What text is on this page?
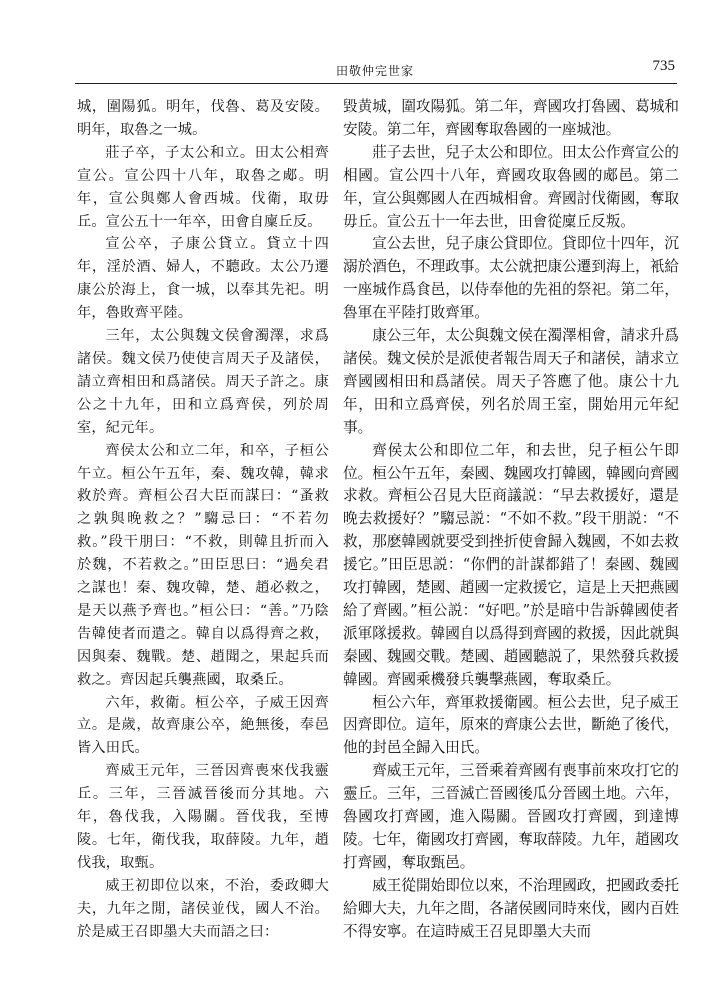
田敬仲完世家	735

城，圍陽狐。明年，伐魯、葛及安陵。明年，取魯之一城。

莊子卒，子太公和立。田太公相齊宣公。宣公四十八年，取魯之郕。明年，宣公與鄭人會西城。伐衛，取毋丘。宣公五十一年卒，田會自廩丘反。

宣公卒，子康公貸立。貸立十四年，淫於酒、婦人，不聽政。太公乃遷康公於海上，食一城，以奉其先祀。明年，魯敗齊平陸。

三年，太公與魏文侯會濁澤，求爲諸侯。魏文侯乃使使言周天子及諸侯，請立齊相田和爲諸侯。周天子許之。康公之十九年，田和立爲齊侯，列於周室，紀元年。

齊侯太公和立二年，和卒，子桓公午立。桓公午五年，秦、魏攻韓，韓求救於齊。齊桓公召大臣而謀曰：“蚤救之孰與晚救之？”騶忌曰：“不若勿救。”段干朋曰：“不救，則韓且折而入於魏，不若救之。”田臣思曰：“過矣君之謀也！秦、魏攻韓，楚、趙必救之，是天以燕予齊也。”桓公曰：“善。”乃陰告韓使者而遣之。韓自以爲得齊之救，因與秦、魏戰。楚、趙聞之，果起兵而救之。齊因起兵襲燕國，取桑丘。

六年，救衛。桓公卒，子威王因齊立。是歲，故齊康公卒，絶無後，奉邑皆入田氏。

齊威王元年，三晉因齊喪來伐我靈丘。三年，三晉滅晉後而分其地。六年，魯伐我，入陽關。晉伐我，至博陵。七年，衛伐我，取薛陵。九年，趙伐我，取甄。

威王初即位以來，不治，委政卿大夫，九年之閒，諸侯並伐，國人不治。於是威王召即墨大夫而語之曰：

毀黄城，圍攻陽狐。第二年，齊國攻打魯國、葛城和安陵。第二年，齊國奪取魯國的一座城池。

莊子去世，兒子太公和即位。田太公作齊宣公的相國。宣公四十八年，齊國攻取魯國的郕邑。第二年，宣公與鄭國人在西城相會。齊國討伐衛國，奪取毋丘。宣公五十一年去世，田會從廩丘反叛。

宣公去世，兒子康公貸即位。貸即位十四年，沉溺於酒色，不理政事。太公就把康公遷到海上，衹給一座城作爲食邑，以侍奉他的先祖的祭祀。第二年，魯軍在平陸打敗齊軍。

康公三年，太公與魏文侯在濁澤相會，請求升爲諸侯。魏文侯於是派使者報告周天子和諸侯，請求立齊國國相田和爲諸侯。周天子答應了他。康公十九年，田和立爲齊侯，列名於周王室，開始用元年紀事。

齊侯太公和即位二年，和去世，兒子桓公午即位。桓公午五年，秦國、魏國攻打韓國，韓國向齊國求救。齊桓公召見大臣商議説：“早去救援好，還是晚去救援好？”騶忌説：“不如不救。”段干朋説：“不救，那麽韓國就要受到挫折使會歸入魏國，不如去救援它。”田臣思説：“你們的計謀都錯了！秦國、魏國攻打韓國，楚國、趙國一定救援它，這是上天把燕國給了齊國。”桓公説：“好吧。”於是暗中告訴韓國使者派軍隊援救。韓國自以爲得到齊國的救援，因此就與秦國、魏國交戰。楚國、趙國聽説了，果然發兵救援韓國。齊國乘機發兵襲擊燕國，奪取桑丘。

桓公六年，齊軍救援衛國。桓公去世，兒子威王因齊即位。這年，原來的齊康公去世，斷絶了後代，他的封邑全歸入田氏。

齊威王元年，三晉乘着齊國有喪事前來攻打它的靈丘。三年，三晉滅亡晉國後瓜分晉國土地。六年，魯國攻打齊國，進入陽關。晉國攻打齊國，到達博陵。七年，衛國攻打齊國，奪取薛陵。九年，趙國攻打齊國，奪取甄邑。

威王從開始即位以來，不治理國政，把國政委托給卿大夫，九年之間，各諸侯國同時來伐，國内百姓不得安寧。在這時威王召見即墨大夫而
